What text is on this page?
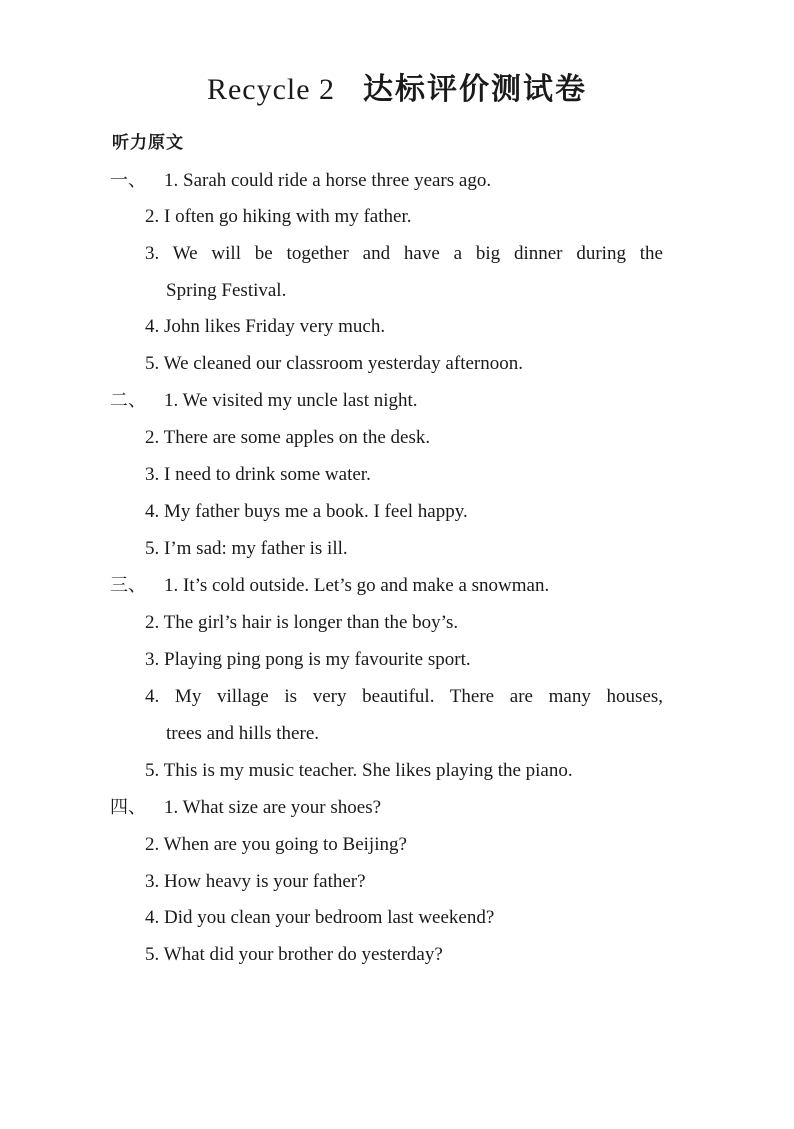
Recycle 2 达标评价测试卷
听力原文
一、 1. Sarah could ride a horse three years ago.
2. I often go hiking with my father.
3. We will be together and have a big dinner during the
Spring Festival.
4. John likes Friday very much.
5. We cleaned our classroom yesterday afternoon.
二、 1. We visited my uncle last night.
2. There are some apples on the desk.
3. I need to drink some water.
4. My father buys me a book. I feel happy.
5. I’m sad: my father is ill.
三、 1. It’s cold outside. Let’s go and make a snowman.
2. The girl’s hair is longer than the boy’s.
3. Playing ping pong is my favourite sport.
4. My village is very beautiful. There are many houses,
trees and hills there.
5. This is my music teacher. She likes playing the piano.
四、 1. What size are your shoes?
2. When are you going to Beijing?
3. How heavy is your father?
4. Did you clean your bedroom last weekend?
5. What did your brother do yesterday?
